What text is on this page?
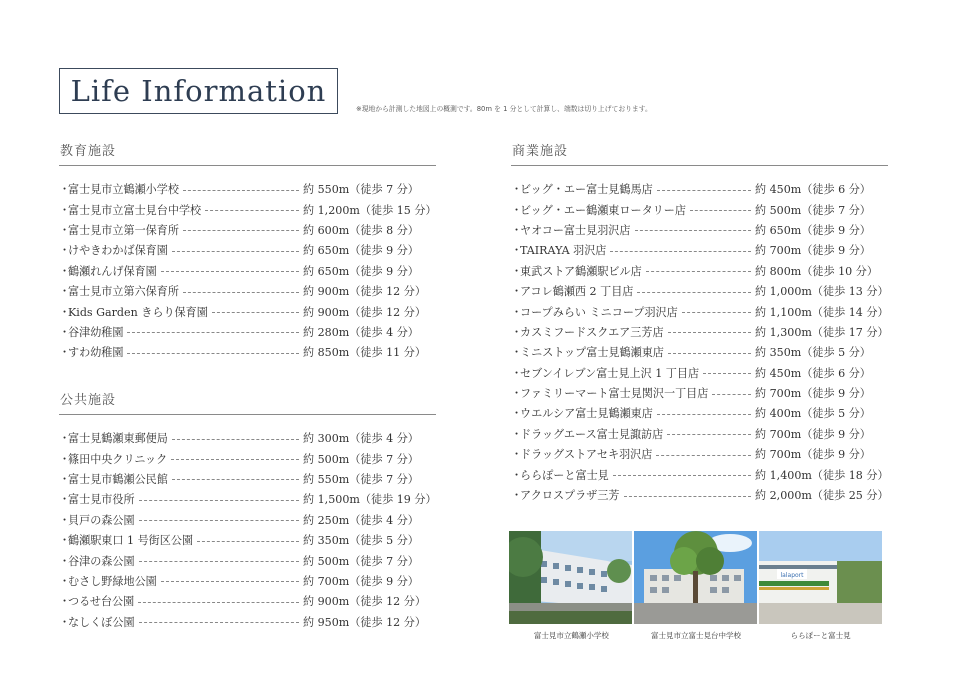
Life Information
※現地から計測した地図上の概測です。80m を 1 分として計算し、端数は切り上げております。
教育施設
・
富士見市立鶴瀬小学校	約 550m（徒歩 7 分）
・
富士見市立富士見台中学校	約 1,200m（徒歩 15 分）
・
富士見市立第一保育所	約 600m（徒歩 8 分）
・
けやきわかば保育園	約 650m（徒歩 9 分）
・
鶴瀬れんげ保育園	約 650m（徒歩 9 分）
・
富士見市立第六保育所	約 900m（徒歩 12 分）
・
Kids Garden きらり保育園	約 900m（徒歩 12 分）
・
谷津幼稚園	約 280m（徒歩 4 分）
・
すわ幼稚園	約 850m（徒歩 11 分）
公共施設
・
富士見鶴瀬東郵便局	約 300m（徒歩 4 分）
・
篠田中央クリニック	約 500m（徒歩 7 分）
・
富士見市鶴瀬公民館	約 550m（徒歩 7 分）
・
富士見市役所	約 1,500m（徒歩 19 分）
・
貝戸の森公園	約 250m（徒歩 4 分）
・
鶴瀬駅東口 1 号街区公園	約 350m（徒歩 5 分）
・
谷津の森公園	約 500m（徒歩 7 分）
・
むさし野緑地公園	約 700m（徒歩 9 分）
・
つるせ台公園	約 900m（徒歩 12 分）
・
なしくぼ公園	約 950m（徒歩 12 分）
商業施設
・
ビッグ・エー富士見鶴馬店	約 450m（徒歩 6 分）
・
ビッグ・エー鶴瀬東ロータリー店	約 500m（徒歩 7 分）
・
ヤオコー富士見羽沢店	約 650m（徒歩 9 分）
・
TAIRAYA 羽沢店	約 700m（徒歩 9 分）
・
東武ストア鶴瀬駅ビル店	約 800m（徒歩 10 分）
・
アコレ鶴瀬西 2 丁目店	約 1,000m（徒歩 13 分）
・
コープみらい ミニコープ羽沢店	約 1,100m（徒歩 14 分）
・
カスミフードスクエア三芳店	約 1,300m（徒歩 17 分）
・
ミニストップ富士見鶴瀬東店	約 350m（徒歩 5 分）
・
セブンイレブン富士見上沢 1 丁目店	約 450m（徒歩 6 分）
・
ファミリーマート富士見関沢一丁目店	約 700m（徒歩 9 分）
・
ウエルシア富士見鶴瀬東店	約 400m（徒歩 5 分）
・
ドラッグエース富士見諏訪店	約 700m（徒歩 9 分）
・
ドラッグストアセキ羽沢店	約 700m（徒歩 9 分）
・
ららぽーと富士見	約 1,400m（徒歩 18 分）
・
アクロスプラザ三芳	約 2,000m（徒歩 25 分）
lalaport
富士見市立鶴瀬小学校	富士見市立富士見台中学校	ららぽーと富士見
